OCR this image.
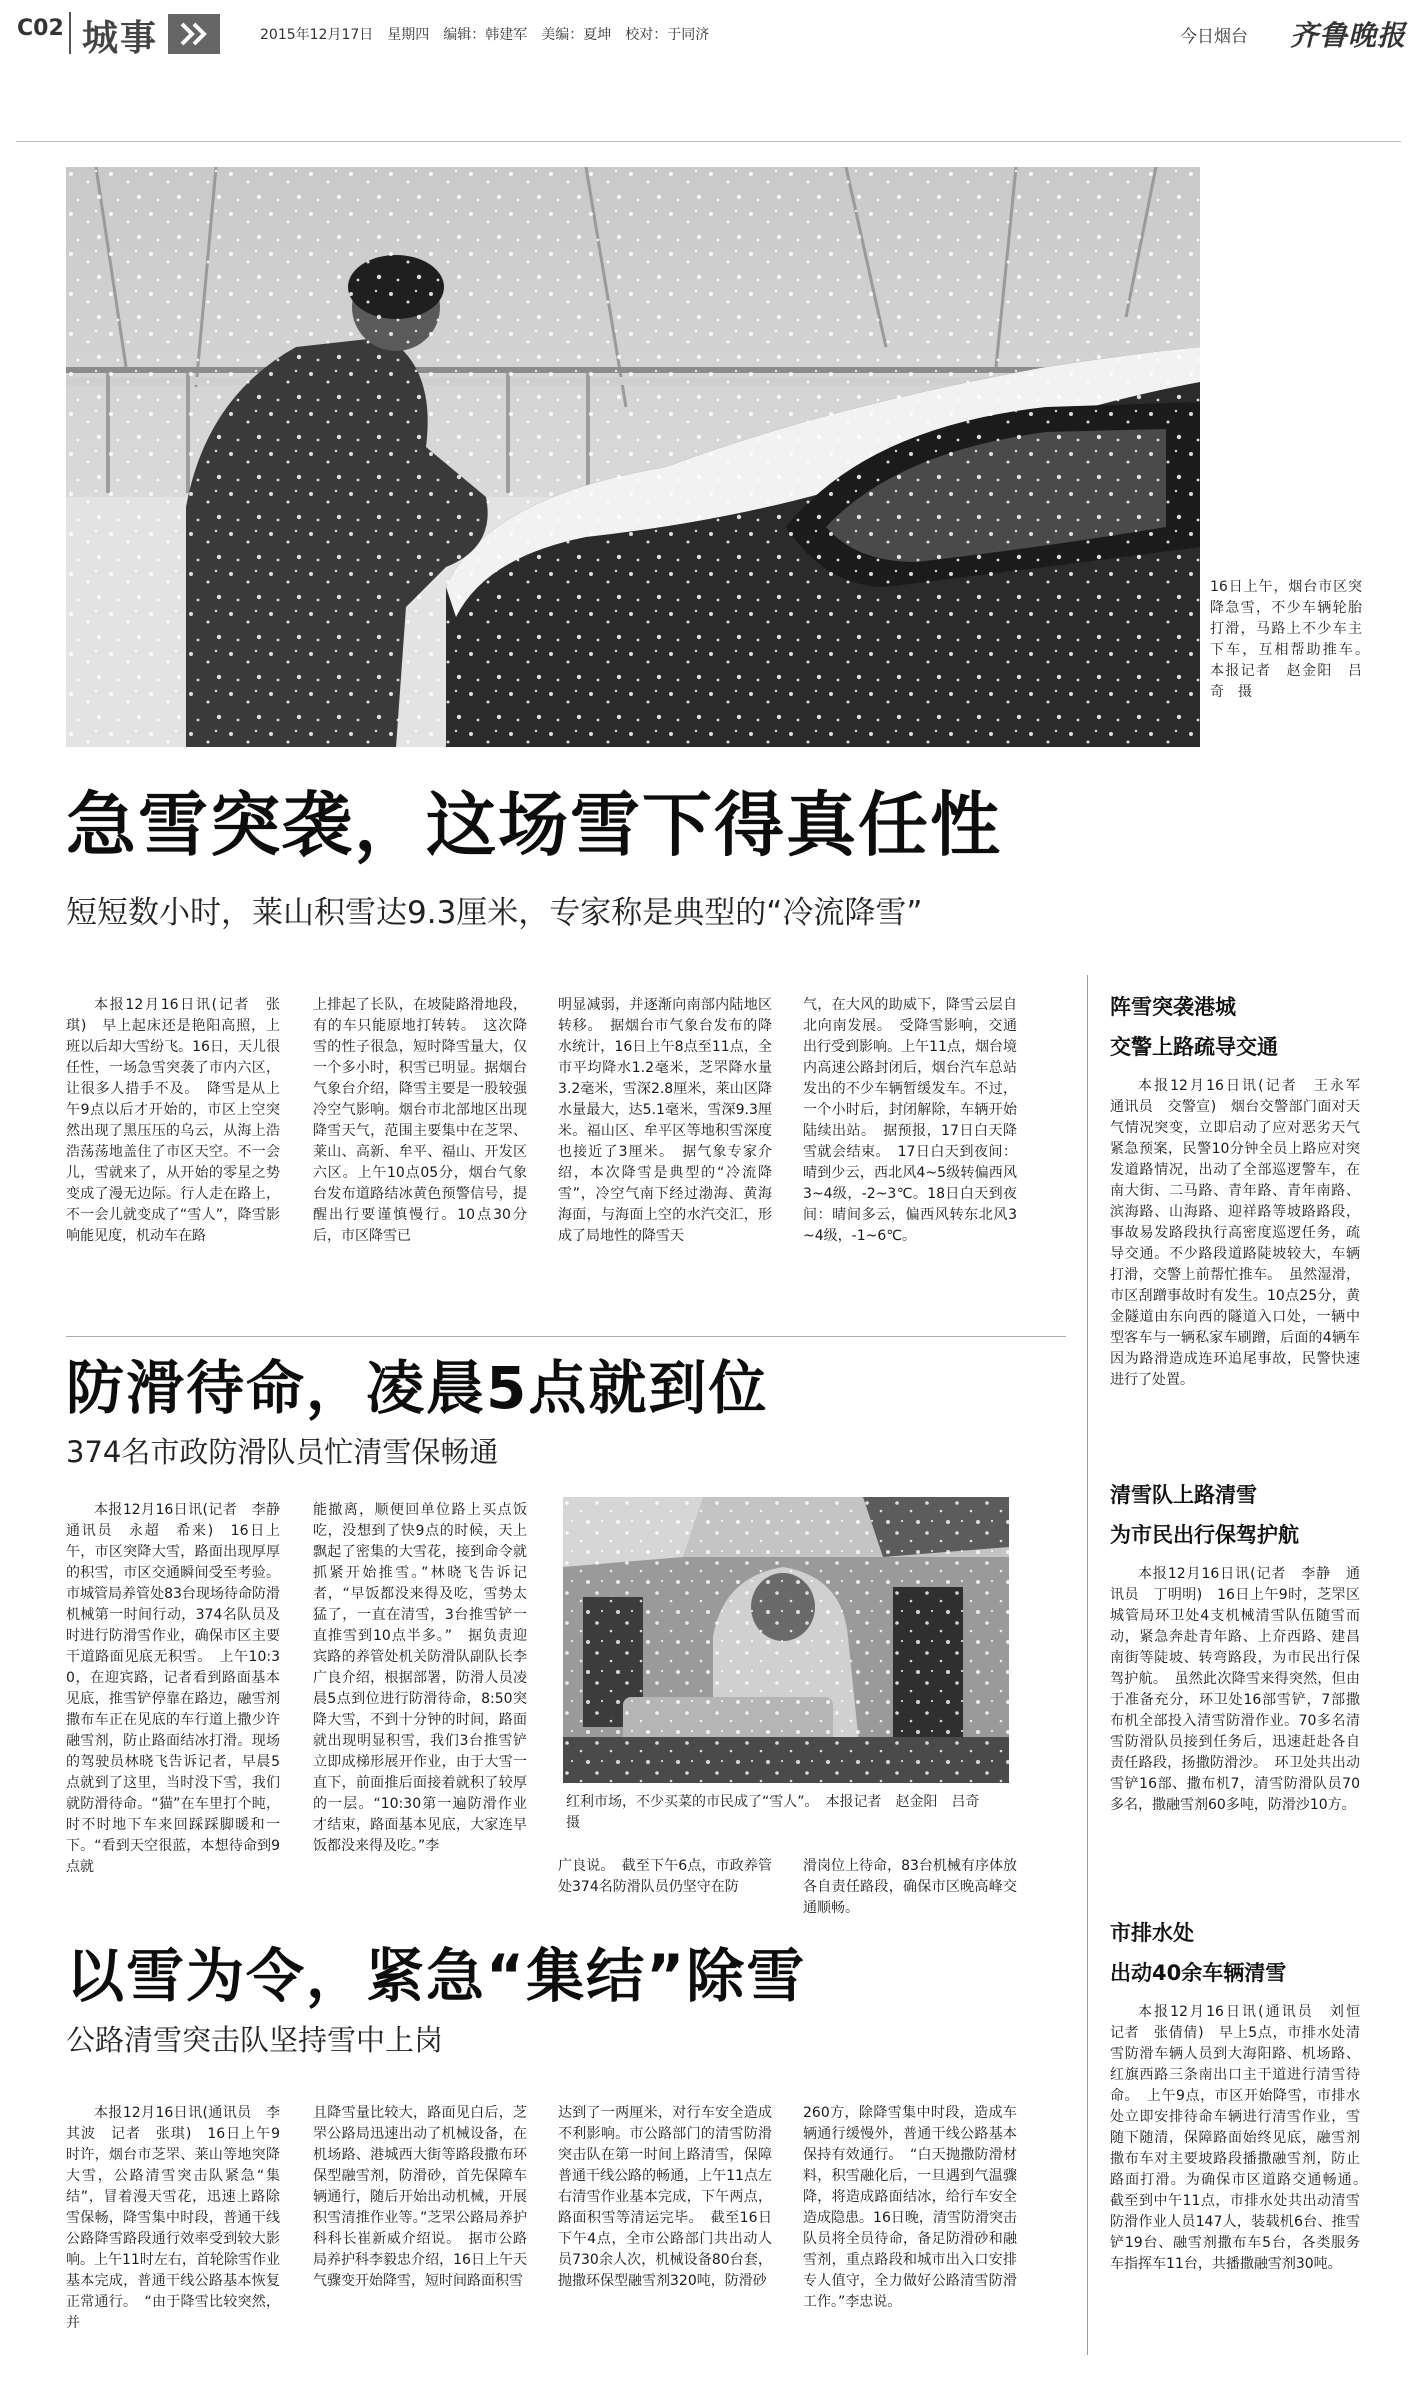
C02 城事	2015年12月17日　星期四　编辑：韩建军　美编：夏坤　校对：于同济	今日烟台 齐鲁晚报
16日上午，烟台市区突降急雪，不少车辆轮胎打滑，马路上不少车主下车，互相帮助推车。　本报记者　赵金阳　吕奇　摄
急雪突袭，这场雪下得真任性
短短数小时，莱山积雪达9.3厘米，专家称是典型的“冷流降雪”

本报12月16日讯(记者　张琪)　早上起床还是艳阳高照，上班以后却大雪纷飞。16日，天儿很任性，一场急雪突袭了市内六区，让很多人措手不及。　降雪是从上午9点以后才开始的，市区上空突然出现了黑压压的乌云，从海上浩浩荡荡地盖住了市区天空。不一会儿，雪就来了，从开始的零星之势变成了漫无边际。行人走在路上，不一会儿就变成了“雪人”，降雪影响能见度，机动车在路

上排起了长队，在坡陡路滑地段，有的车只能原地打转转。　这次降雪的性子很急，短时降雪量大，仅一个多小时，积雪已明显。据烟台气象台介绍，降雪主要是一股较强冷空气影响。烟台市北部地区出现降雪天气，范围主要集中在芝罘、莱山、高新、牟平、福山、开发区六区。上午10点05分，烟台气象台发布道路结冰黄色预警信号，提醒出行要谨慎慢行。10点30分后，市区降雪已

明显减弱，并逐渐向南部内陆地区转移。　据烟台市气象台发布的降水统计，16日上午8点至11点，全市平均降水1.2毫米，芝罘降水量3.2毫米，雪深2.8厘米，莱山区降水量最大，达5.1毫米，雪深9.3厘米。福山区、牟平区等地积雪深度也接近了3厘米。　据气象专家介绍，本次降雪是典型的“冷流降雪”，冷空气南下经过渤海、黄海海面，与海面上空的水汽交汇，形成了局地性的降雪天

气，在大风的助威下，降雪云层自北向南发展。　受降雪影响，交通出行受到影响。上午11点，烟台境内高速公路封闭后，烟台汽车总站发出的不少车辆暂缓发车。不过，一个小时后，封闭解除，车辆开始陆续出站。　据预报，17日白天降雪就会结束。　17日白天到夜间：晴到少云，西北风4~5级转偏西风3~4级，-2~3℃。18日白天到夜间：晴间多云，偏西风转东北风3~4级，-1~6℃。

防滑待命，凌晨5点就到位
374名市政防滑队员忙清雪保畅通

本报12月16日讯(记者　李静　通讯员　永超　希来)　16日上午，市区突降大雪，路面出现厚厚的积雪，市区交通瞬间受至考验。市城管局养管处83台现场待命防滑机械第一时间行动，374名队员及时进行防滑雪作业，确保市区主要干道路面见底无积雪。　上午10:30，在迎宾路，记者看到路面基本见底，推雪铲停靠在路边，融雪剂撒布车正在见底的车行道上撒少许融雪剂，防止路面结冰打滑。现场的驾驶员林晓飞告诉记者，早晨5点就到了这里，当时没下雪，我们就防滑待命。“猫”在车里打个盹，时不时地下车来回踩踩脚暖和一下。“看到天空很蓝，本想待命到9点就

能撤离，顺便回单位路上买点饭吃，没想到了快9点的时候，天上飘起了密集的大雪花，接到命令就抓紧开始推雪。”林晓飞告诉记者，“早饭都没来得及吃，雪势太猛了，一直在清雪，3台推雪铲一直推雪到10点半多。”　据负责迎宾路的养管处机关防滑队副队长李广良介绍，根据部署，防滑人员凌晨5点到位进行防滑待命，8:50突降大雪，不到十分钟的时间，路面就出现明显积雪，我们3台推雪铲立即成梯形展开作业，由于大雪一直下，前面推后面接着就积了较厚的一层。“10:30第一遍防滑作业才结束，路面基本见底，大家连早饭都没来得及吃。”李

红利市场，不少买菜的市民成了“雪人”。　本报记者　赵金阳　吕奇　摄

广良说。　截至下午6点，市政养管处374名防滑队员仍坚守在防

滑岗位上待命，83台机械有序体放各自责任路段，确保市区晚高峰交通顺畅。

以雪为令，紧急“集结”除雪
公路清雪突击队坚持雪中上岗

本报12月16日讯(通讯员　李其波　记者　张琪)　16日上午9时许，烟台市芝罘、莱山等地突降大雪，公路清雪突击队紧急“集结”，冒着漫天雪花，迅速上路除雪保畅，降雪集中时段，普通干线公路降雪路段通行效率受到较大影响。上午11时左右，首轮除雪作业基本完成，普通干线公路基本恢复正常通行。　“由于降雪比较突然，并

且降雪量比较大，路面见白后，芝罘公路局迅速出动了机械设备，在机场路、港城西大街等路段撒布环保型融雪剂，防滑砂，首先保障车辆通行，随后开始出动机械，开展积雪清推作业等。”芝罘公路局养护科科长崔新威介绍说。　据市公路局养护科李毅忠介绍，16日上午天气骤变开始降雪，短时间路面积雪

达到了一两厘米，对行车安全造成不利影响。市公路部门的清雪防滑突击队在第一时间上路清雪，保障普通干线公路的畅通，上午11点左右清雪作业基本完成，下午两点，路面积雪等清运完毕。　截至16日下午4点，全市公路部门共出动人员730余人次，机械设备80台套，抛撒环保型融雪剂320吨，防滑砂

260方，除降雪集中时段，造成车辆通行缓慢外，普通干线公路基本保持有效通行。　“白天抛撒防滑材料，积雪融化后，一旦遇到气温骤降，将造成路面结冰，给行车安全造成隐患。16日晚，清雪防滑突击队员将全员待命，备足防滑砂和融雪剂，重点路段和城市出入口安排专人值守，全力做好公路清雪防滑工作。”李忠说。

阵雪突袭港城
交警上路疏导交通

本报12月16日讯(记者　王永军　通讯员　交警宣)　烟台交警部门面对天气情况突变，立即启动了应对恶劣天气紧急预案，民警10分钟全员上路应对突发道路情况，出动了全部巡逻警车，在南大街、二马路、青年路、青年南路、滨海路、山海路、迎祥路等坡路路段，事故易发路段执行高密度巡逻任务，疏导交通。不少路段道路陡坡较大，车辆打滑，交警上前帮忙推车。　虽然湿滑，市区刮蹭事故时有发生。10点25分，黄金隧道由东向西的隧道入口处，一辆中型客车与一辆私家车刷蹭，后面的4辆车因为路滑造成连环追尾事故，民警快速进行了处置。

清雪队上路清雪
为市民出行保驾护航

本报12月16日讯(记者　李静　通讯员　丁明明)　16日上午9时，芝罘区城管局环卫处4支机械清雪队伍随雪而动，紧急奔赴青年路、上夼西路、建昌南街等陡坡、转弯路段，为市民出行保驾护航。　虽然此次降雪来得突然，但由于准备充分，环卫处16部雪铲，7部撒布机全部投入清雪防滑作业。70多名清雪防滑队员接到任务后，迅速赶赴各自责任路段，扬撒防滑沙。　环卫处共出动雪铲16部、撒布机7，清雪防滑队员70多名，撒融雪剂60多吨，防滑沙10方。

市排水处
出动40余车辆清雪

本报12月16日讯(通讯员　刘恒　记者　张倩倩)　早上5点，市排水处清雪防滑车辆人员到大海阳路、机场路、红旗西路三条南出口主干道进行清雪待命。　上午9点，市区开始降雪，市排水处立即安排待命车辆进行清雪作业，雪随下随清，保障路面始终见底，融雪剂撒布车对主要坡路段播撒融雪剂，防止路面打滑。为确保市区道路交通畅通。　截至到中午11点，市排水处共出动清雪防滑作业人员147人，装载机6台、推雪铲19台、融雪剂撒布车5台，各类服务车指挥车11台，共播撒融雪剂30吨。
